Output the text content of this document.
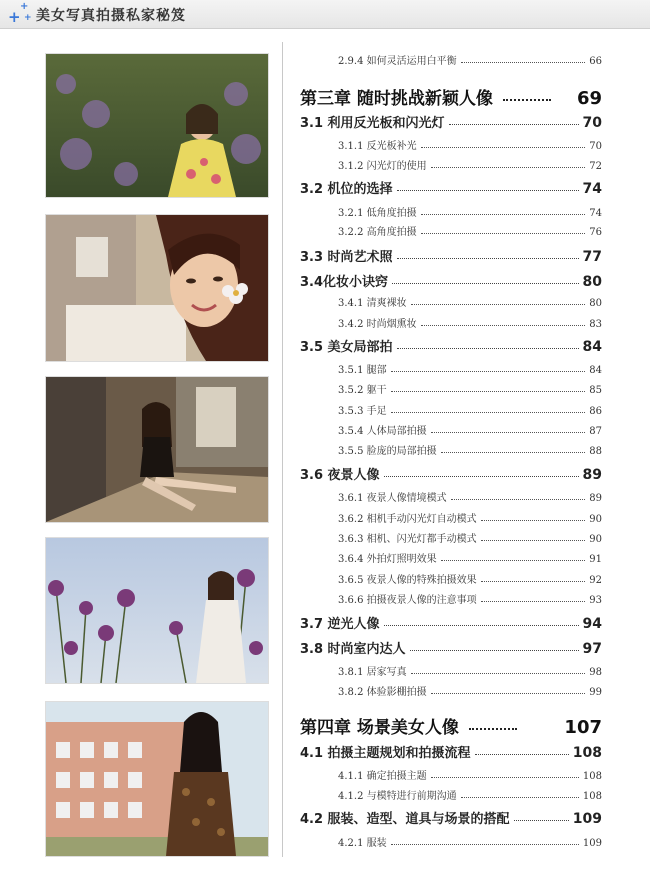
+
+
+ 美女写真拍摄私家秘笈
2.9.4 如何灵活运用白平衡	66
第三章 随时挑战新颖人像	69
3.1 利用反光板和闪光灯	70
3.1.1 反光板补光	70
3.1.2 闪光灯的使用	72
3.2 机位的选择	74
3.2.1 低角度拍摄	74
3.2.2 高角度拍摄	76
3.3 时尚艺术照	77
3.4化妆小诀窍	80
3.4.1 清爽裸妆	80
3.4.2 时尚烟熏妆	83
3.5 美女局部拍	84
3.5.1 腿部	84
3.5.2 躯干	85
3.5.3 手足	86
3.5.4 人体局部拍摄	87
3.5.5 脸庞的局部拍摄	88
3.6 夜景人像	89
3.6.1 夜景人像情境模式	89
3.6.2 相机手动闪光灯自动模式	90
3.6.3 相机、闪光灯都手动模式	90
3.6.4 外拍灯照明效果	91
3.6.5 夜景人像的特殊拍摄效果	92
3.6.6 拍摄夜景人像的注意事项	93
3.7 逆光人像	94
3.8 时尚室内达人	97
3.8.1 居家写真	98
3.8.2 体验影棚拍摄	99
第四章 场景美女人像	107
4.1 拍摄主题规划和拍摄流程	108
4.1.1 确定拍摄主题	108
4.1.2 与模特进行前期沟通	108
4.2 服装、造型、道具与场景的搭配	109
4.2.1 服装	109
